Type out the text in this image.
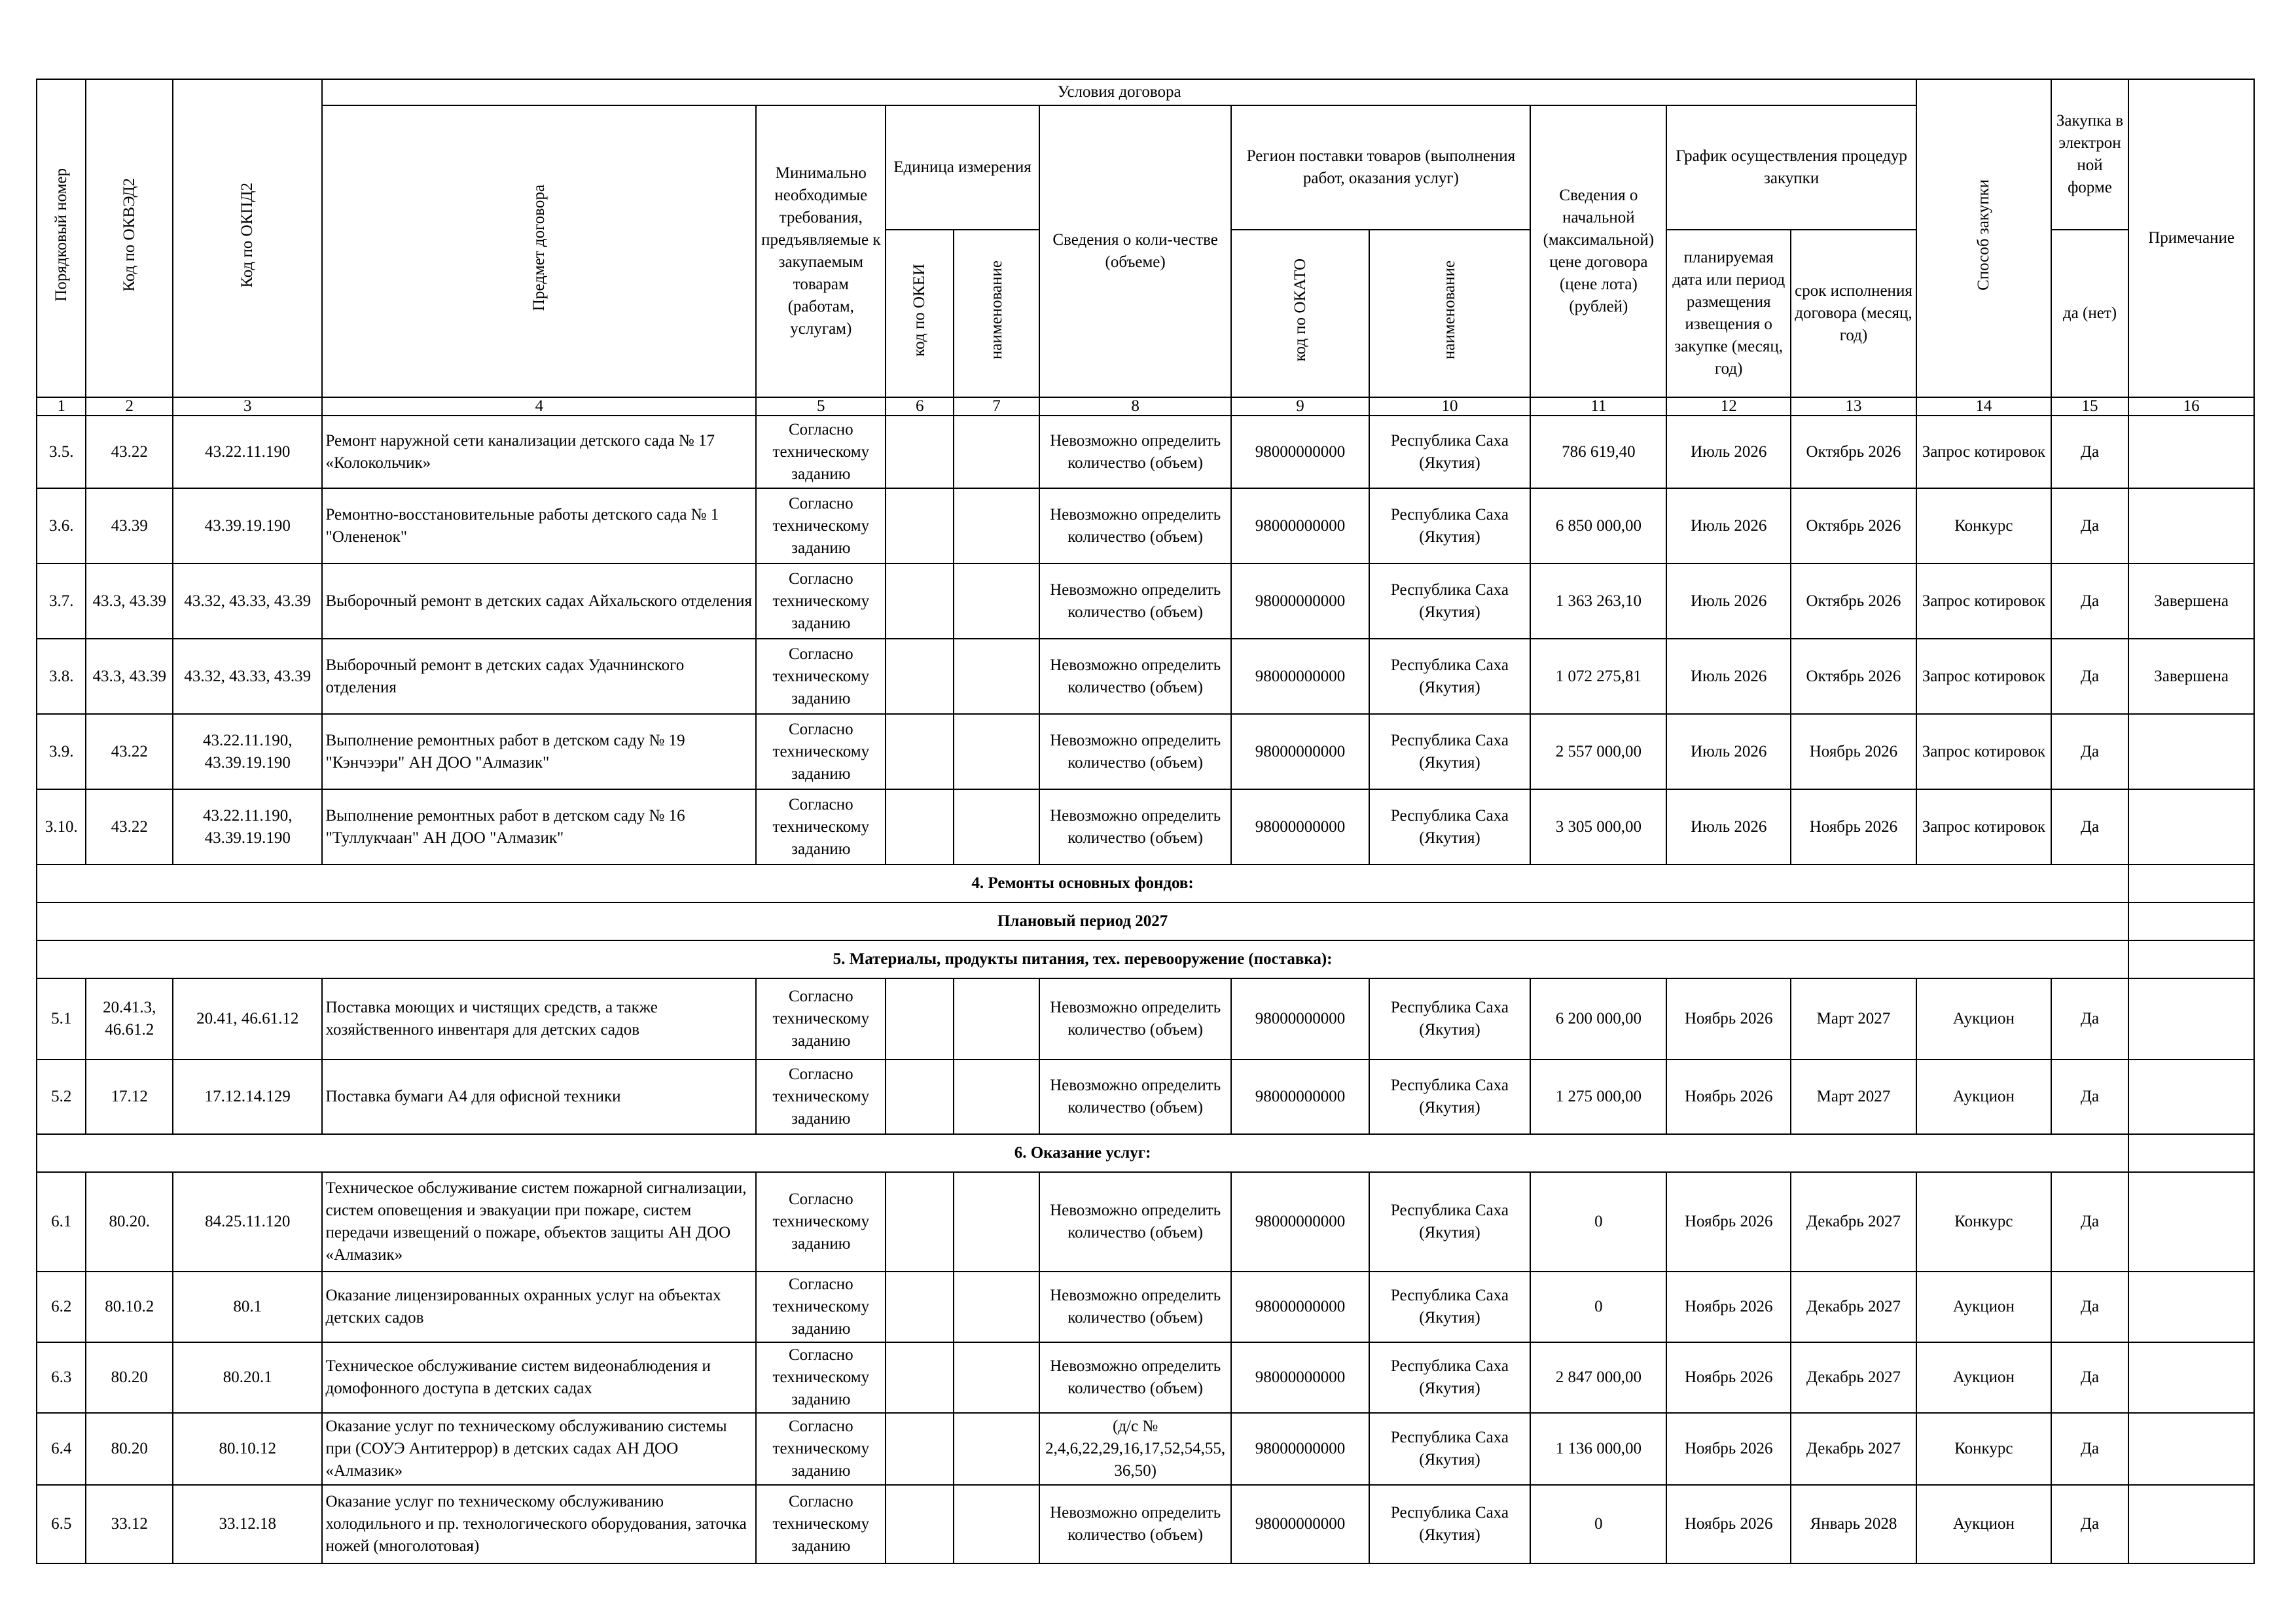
Порядковый номер	Код по ОКВЭД2	Код по ОКПД2	Условия договора										Способ закупки	Закупка в электрон ной форме	Примечание
			Предмет договора	Минимально необходимые требования, предъявляемые к закупаемым товарам (работам, услугам)	Единица измерения		Сведения о коли-честве (объеме)	Регион поставки товаров (выполнения работ, оказания услуг)		Сведения о начальной (максимальной) цене договора (цене лота) (рублей)	График осуществления процедур закупки				
					код по ОКЕИ	наименование		код по ОКАТО	наименование		планируемая дата или период размещения извещения о закупке (месяц, год)	срок исполнения договора (месяц, год)		да (нет)	
1	2	3	4	5	6	7	8	9	10	11	12	13	14	15	16
3.5.	43.22	43.22.11.190	Ремонт наружной сети канализации детского сада № 17 «Колокольчик»	Согласно техническому заданию			Невозможно определить количество (объем)	98000000000	Республика Саха (Якутия)	786 619,40	Июль 2026	Октябрь 2026	Запрос котировок	Да	
3.6.	43.39	43.39.19.190	Ремонтно-восстановительные работы детского сада № 1 "Олененок"	Согласно техническому заданию			Невозможно определить количество (объем)	98000000000	Республика Саха (Якутия)	6 850 000,00	Июль 2026	Октябрь 2026	Конкурс	Да	
3.7.	43.3, 43.39	43.32, 43.33, 43.39	Выборочный ремонт в детских садах Айхальского отделения	Согласно техническому заданию			Невозможно определить количество (объем)	98000000000	Республика Саха (Якутия)	1 363 263,10	Июль 2026	Октябрь 2026	Запрос котировок	Да	Завершена
3.8.	43.3, 43.39	43.32, 43.33, 43.39	Выборочный ремонт в детских садах Удачнинского отделения	Согласно техническому заданию			Невозможно определить количество (объем)	98000000000	Республика Саха (Якутия)	1 072 275,81	Июль 2026	Октябрь 2026	Запрос котировок	Да	Завершена
3.9.	43.22	43.22.11.190, 43.39.19.190	Выполнение ремонтных работ в детском саду № 19 "Кэнчээри" АН ДОО "Алмазик"	Согласно техническому заданию			Невозможно определить количество (объем)	98000000000	Республика Саха (Якутия)	2 557 000,00	Июль 2026	Ноябрь 2026	Запрос котировок	Да	
3.10.	43.22	43.22.11.190, 43.39.19.190	Выполнение ремонтных работ в детском саду № 16 "Туллукчаан" АН ДОО "Алмазик"	Согласно техническому заданию			Невозможно определить количество (объем)	98000000000	Республика Саха (Якутия)	3 305 000,00	Июль 2026	Ноябрь 2026	Запрос котировок	Да	
4. Ремонты основных фондов:															
Плановый период 2027															
5. Материалы, продукты питания, тех. перевооружение (поставка):															
5.1	20.41.3, 46.61.2	20.41, 46.61.12	Поставка моющих и чистящих средств, а также хозяйственного инвентаря для детских садов	Согласно техническому заданию			Невозможно определить количество (объем)	98000000000	Республика Саха (Якутия)	6 200 000,00	Ноябрь 2026	Март 2027	Аукцион	Да	
5.2	17.12	17.12.14.129	Поставка бумаги А4 для офисной техники	Согласно техническому заданию			Невозможно определить количество (объем)	98000000000	Республика Саха (Якутия)	1 275 000,00	Ноябрь 2026	Март 2027	Аукцион	Да	
6. Оказание услуг:															
6.1	80.20.	84.25.11.120	Техническое обслуживание систем пожарной сигнализации, систем оповещения и эвакуации при пожаре, систем передачи извещений о пожаре, объектов защиты АН ДОО «Алмазик»	Согласно техническому заданию			Невозможно определить количество (объем)	98000000000	Республика Саха (Якутия)	0	Ноябрь 2026	Декабрь 2027	Конкурс	Да	
6.2	80.10.2	80.1	Оказание лицензированных охранных услуг на объектах детских садов	Согласно техническому заданию			Невозможно определить количество (объем)	98000000000	Республика Саха (Якутия)	0	Ноябрь 2026	Декабрь 2027	Аукцион	Да	
6.3	80.20	80.20.1	Техническое обслуживание систем видеонаблюдения и домофонного доступа в детских садах	Согласно техническому заданию			Невозможно определить количество (объем)	98000000000	Республика Саха (Якутия)	2 847 000,00	Ноябрь 2026	Декабрь 2027	Аукцион	Да	
6.4	80.20	80.10.12	Оказание услуг по техническому обслуживанию системы при (СОУЭ Антитеррор) в детских садах АН ДОО «Алмазик»	Согласно техническому заданию			(д/с № 2,4,6,22,29,16,17,52,54,55,36,50)	98000000000	Республика Саха (Якутия)	1 136 000,00	Ноябрь 2026	Декабрь 2027	Конкурс	Да	
6.5	33.12	33.12.18	Оказание услуг по техническому обслуживанию холодильного и пр. технологического оборудования, заточка ножей (многолотовая)	Согласно техническому заданию			Невозможно определить количество (объем)	98000000000	Республика Саха (Якутия)	0	Ноябрь 2026	Январь 2028	Аукцион	Да	
